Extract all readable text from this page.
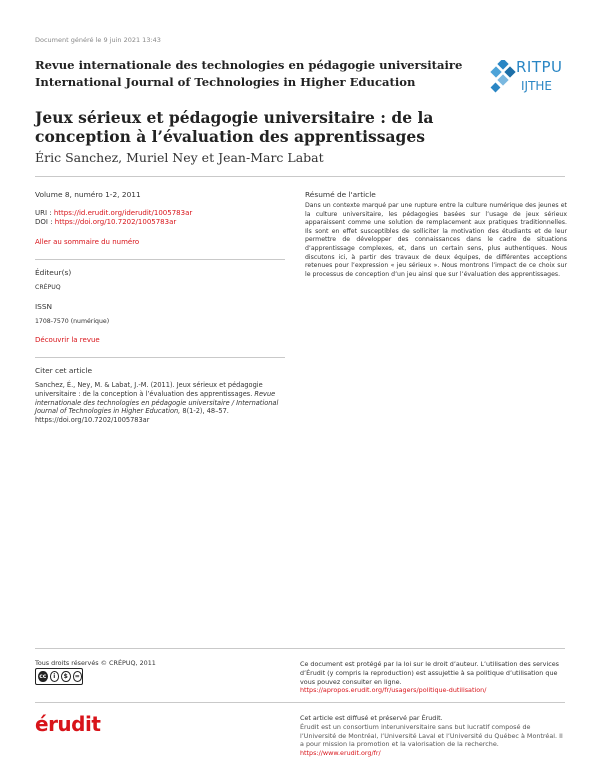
Document généré le 9 juin 2021 13:43
Revue internationale des technologies en pédagogie universitaire
International Journal of Technologies in Higher Education
RITPU
IJTHE
Jeux sérieux et pédagogie universitaire : de la conception à l’évaluation des apprentissages
Éric Sanchez, Muriel Ney et Jean-Marc Labat
Volume 8, numéro 1-2, 2011
URI : https://id.erudit.org/iderudit/1005783ar
DOI : https://doi.org/10.7202/1005783ar
Aller au sommaire du numéro
Éditeur(s)
CRÉPUQ
ISSN
1708-7570 (numérique)
Découvrir la revue
Citer cet article
Sanchez, É., Ney, M. & Labat, J.-M. (2011). Jeux sérieux et pédagogie universitaire : de la conception à l’évaluation des apprentissages. Revue internationale des technologies en pédagogie universitaire / International Journal of Technologies in Higher Education, 8(1-2), 48–57. https://doi.org/10.7202/1005783ar
Résumé de l'article
Dans un contexte marqué par une rupture entre la culture numérique des jeunes et la culture universitaire, les pédagogies basées sur l’usage de jeux sérieux apparaissent comme une solution de remplacement aux pratiques traditionnelles. Ils sont en effet susceptibles de solliciter la motivation des étudiants et de leur permettre de développer des connaissances dans le cadre de situations d’apprentissage complexes, et, dans un certain sens, plus authentiques. Nous discutons ici, à partir des travaux de deux équipes, de différentes acceptions retenues pour l’expression « jeu sérieux ». Nous montrons l’impact de ce choix sur le processus de conception d’un jeu ainsi que sur l’évaluation des apprentissages.
Tous droits réservés © CRÉPUQ, 2011
cc	i	$	=
Ce document est protégé par la loi sur le droit d’auteur. L’utilisation des services d’Érudit (y compris la reproduction) est assujettie à sa politique d’utilisation que vous pouvez consulter en ligne.
https://apropos.erudit.org/fr/usagers/politique-dutilisation/
érudit	Cet article est diffusé et préservé par Érudit.
Érudit est un consortium interuniversitaire sans but lucratif composé de l’Université de Montréal, l’Université Laval et l’Université du Québec à Montréal. Il a pour mission la promotion et la valorisation de la recherche.
https://www.erudit.org/fr/
